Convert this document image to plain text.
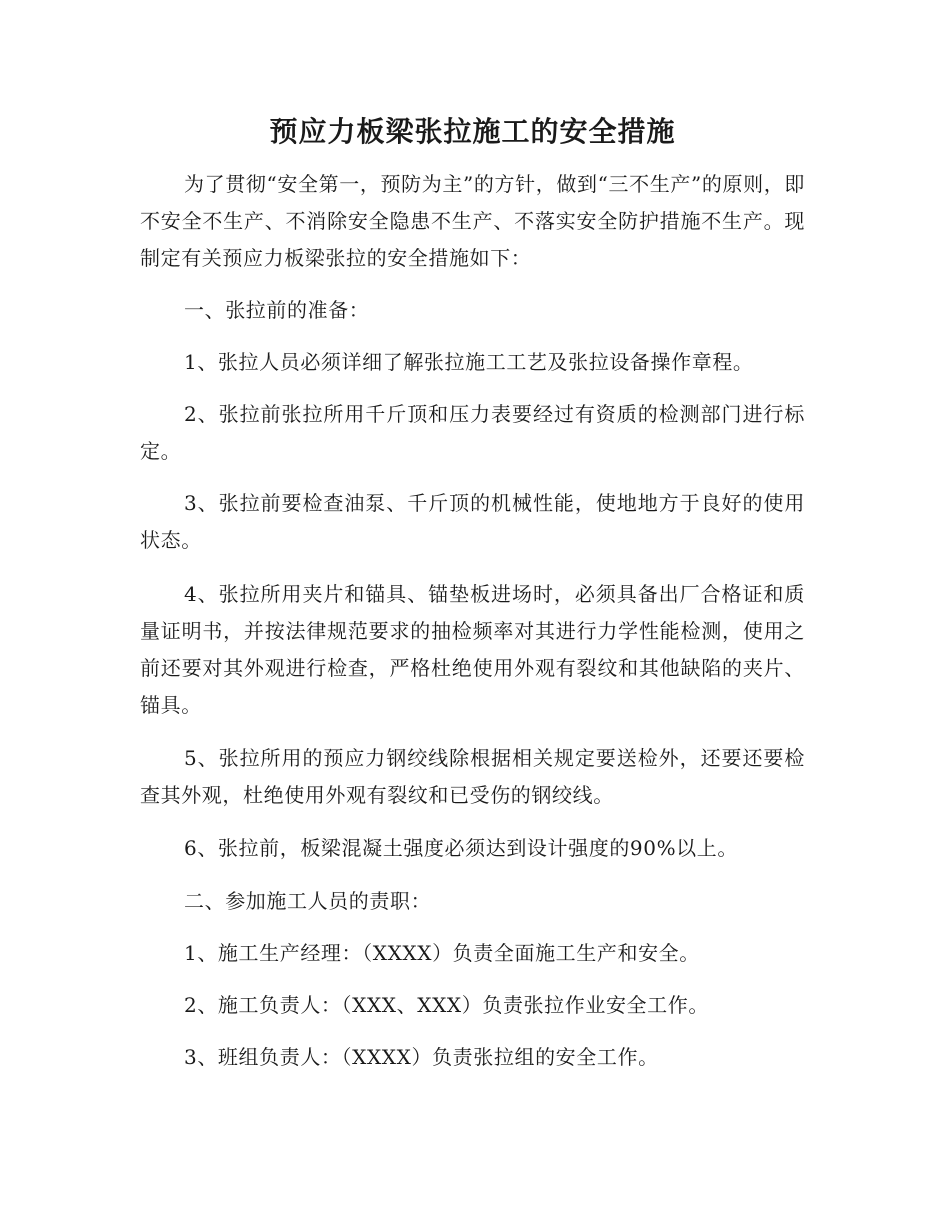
预应力板梁张拉施工的安全措施
为了贯彻“安全第一，预防为主”的方针，做到“三不生产”的原则，即不安全不生产、不消除安全隐患不生产、不落实安全防护措施不生产。现制定有关预应力板梁张拉的安全措施如下：
一、张拉前的准备：
1、张拉人员必须详细了解张拉施工工艺及张拉设备操作章程。
2、张拉前张拉所用千斤顶和压力表要经过有资质的检测部门进行标定。
3、张拉前要检查油泵、千斤顶的机械性能，使地地方于良好的使用状态。
4、张拉所用夹片和锚具、锚垫板进场时，必须具备出厂合格证和质量证明书，并按法律规范要求的抽检频率对其进行力学性能检测，使用之前还要对其外观进行检查，严格杜绝使用外观有裂纹和其他缺陷的夹片、锚具。
5、张拉所用的预应力钢绞线除根据相关规定要送检外，还要还要检查其外观，杜绝使用外观有裂纹和已受伤的钢绞线。
6、张拉前，板梁混凝土强度必须达到设计强度的90%以上。
二、参加施工人员的责职：
1、施工生产经理：（XXXX）负责全面施工生产和安全。
2、施工负责人：（XXX、XXX）负责张拉作业安全工作。
3、班组负责人：（XXXX）负责张拉组的安全工作。
